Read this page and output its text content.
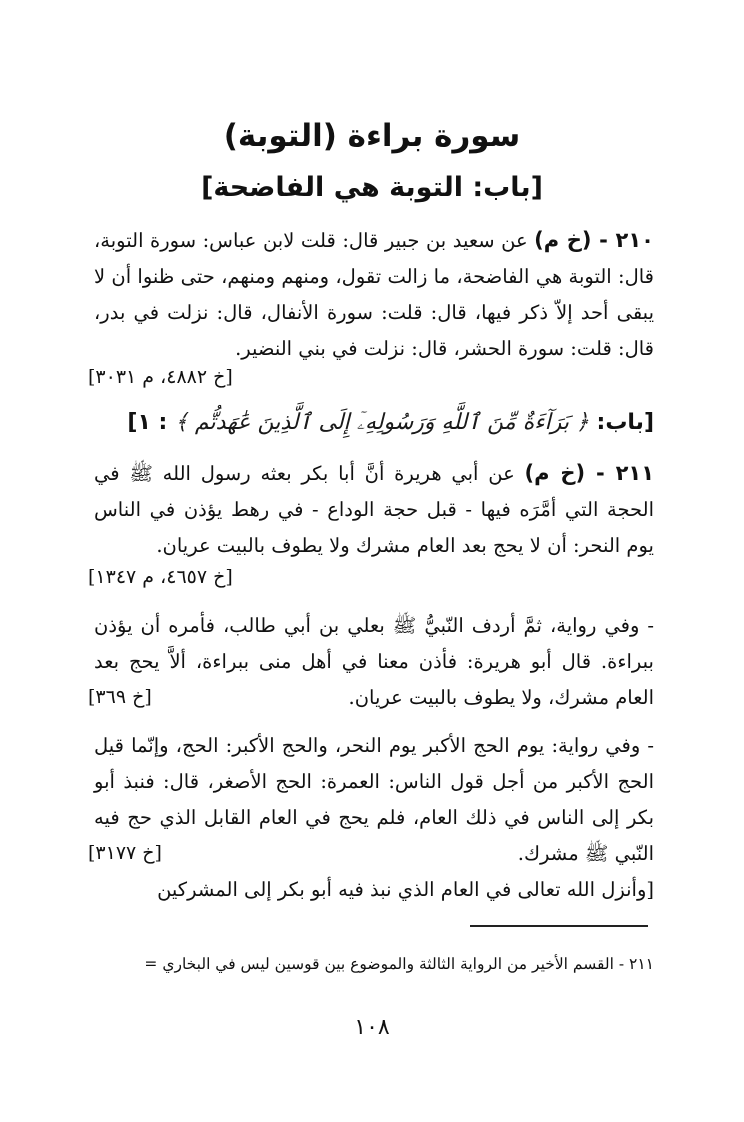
سورة براءة (التوبة)
[باب: التوبة هي الفاضحة]
٢١٠ - (خ م) عن سعيد بن جبير قال: قلت لابن عباس: سورة التوبة، قال: التوبة هي الفاضحة، ما زالت تقول، ومنهم ومنهم، حتى ظنوا أن لا يبقى أحد إلاّ ذكر فيها، قال: قلت: سورة الأنفال، قال: نزلت في بدر، قال: قلت: سورة الحشر، قال: نزلت في بني النضير.
[خ ٤٨٨٢، م ٣٠٣١]
[باب: ﴿ بَرَآءَةٌ مِّنَ ٱللَّهِ وَرَسُولِهِۦٓ إِلَى ٱلَّذِينَ عَٰهَدتُّم ﴾ : ١]
٢١١ - (خ م) عن أبي هريرة أنَّ أبا بكر بعثه رسول الله ﷺ في الحجة التي أمَّرَه فيها - قبل حجة الوداع - في رهط يؤذن في الناس يوم النحر: أن لا يحج بعد العام مشرك ولا يطوف بالبيت عريان.
[خ ٤٦٥٧، م ١٣٤٧]
- وفي رواية، ثمَّ أردف النّبيُّ ﷺ بعلي بن أبي طالب، فأمره أن يؤذن ببراءة. قال أبو هريرة: فأذن معنا في أهل منى ببراءة، ألاَّ يحج بعد العام مشرك، ولا يطوف بالبيت عريان.
[خ ٣٦٩]
- وفي رواية: يوم الحج الأكبر يوم النحر، والحج الأكبر: الحج، وإنّما قيل الحج الأكبر من أجل قول الناس: العمرة: الحج الأصغر، قال: فنبذ أبو بكر إلى الناس في ذلك العام، فلم يحج في العام القابل الذي حج فيه النّبي ﷺ مشرك.
[خ ٣١٧٧]
[وأنزل الله تعالى في العام الذي نبذ فيه أبو بكر إلى المشركين
٢١١ - القسم الأخير من الرواية الثالثة والموضوع بين قوسين ليس في البخاري =
١٠٨
